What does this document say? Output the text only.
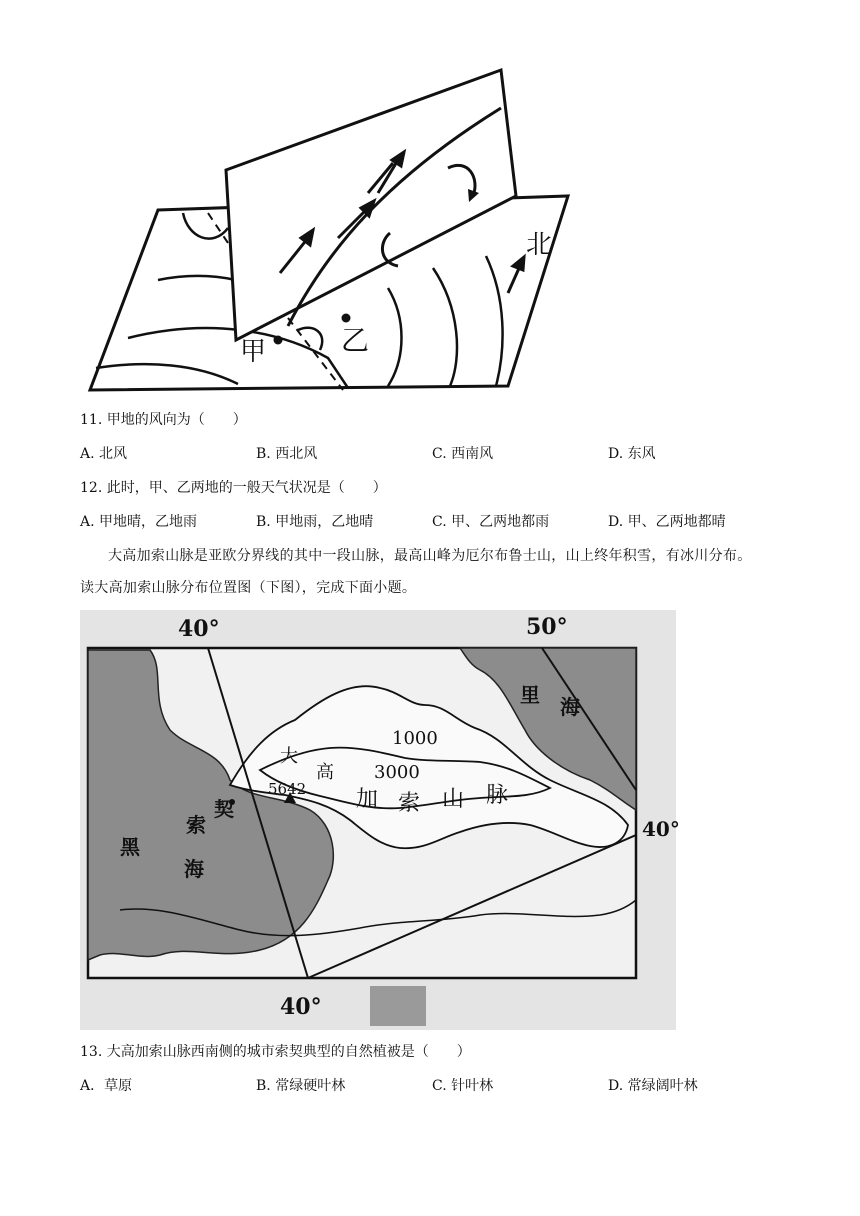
甲	乙
北
11. 甲地的风向为（　　）
A. 北风	B. 西北风	C. 西南风	D. 东风
12. 此时，甲、乙两地的一般天气状况是（　　）
A. 甲地晴，乙地雨	B. 甲地雨，乙地晴	C. 甲、乙两地都雨	D. 甲、乙两地都晴
大高加索山脉是亚欧分界线的其中一段山脉，最高山峰为厄尔布鲁士山，山上终年积雪，有冰川分布。
读大高加索山脉分布位置图（下图），完成下面小题。
40°	50°
40°
40°
1000
3000
5642
大
高
加 索 山 脉
索
契
黑
海
里 海
13. 大高加索山脉西南侧的城市索契典型的自然植被是（　　）
A．草原	B. 常绿硬叶林	C. 针叶林	D. 常绿阔叶林
